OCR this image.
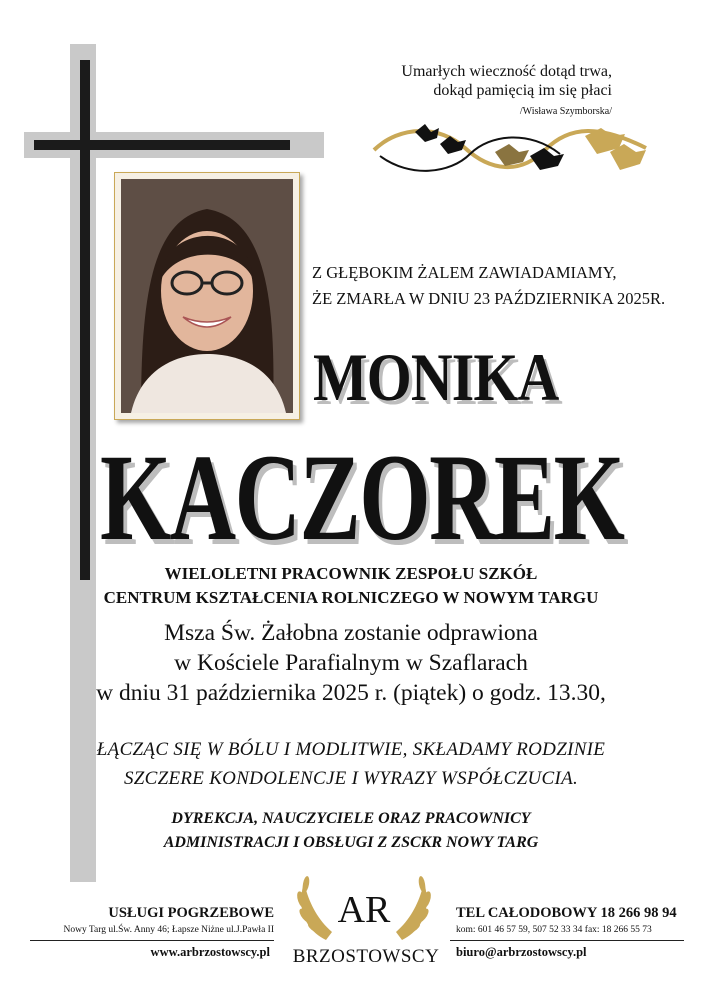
Umarłych wieczność dotąd trwa,
dokąd pamięcią im się płaci
/Wisława Szymborska/
Z GŁĘBOKIM ŻALEM ZAWIADAMIAMY,
ŻE ZMARŁA W DNIU 23 PAŹDZIERNIKA 2025R.
MONIKA
KACZOREK
WIELOLETNI PRACOWNIK ZESPOŁU SZKÓŁ
CENTRUM KSZTAŁCENIA ROLNICZEGO W NOWYM TARGU
Msza Św. Żałobna zostanie odprawiona
w Kościele Parafialnym w Szaflarach
w dniu 31 października 2025 r. (piątek) o godz. 13.30,
ŁĄCZĄC SIĘ W BÓLU I MODLITWIE, SKŁADAMY RODZINIE
SZCZERE KONDOLENCJE I WYRAZY WSPÓŁCZUCIA.
DYREKCJA, NAUCZYCIELE ORAZ PRACOWNICY
ADMINISTRACJI I OBSŁUGI Z ZSCKR NOWY TARG
USŁUGI POGRZEBOWE
Nowy Targ ul.Św. Anny 46; Łapsze Niżne ul.J.Pawła II
www.arbrzostowscy.pl
AR
BRZOSTOWSCY
TEL CAŁODOBOWY 18 266 98 94
kom: 601 46 57 59, 507 52 33 34 fax: 18 266 55 73
biuro@arbrzostowscy.pl
